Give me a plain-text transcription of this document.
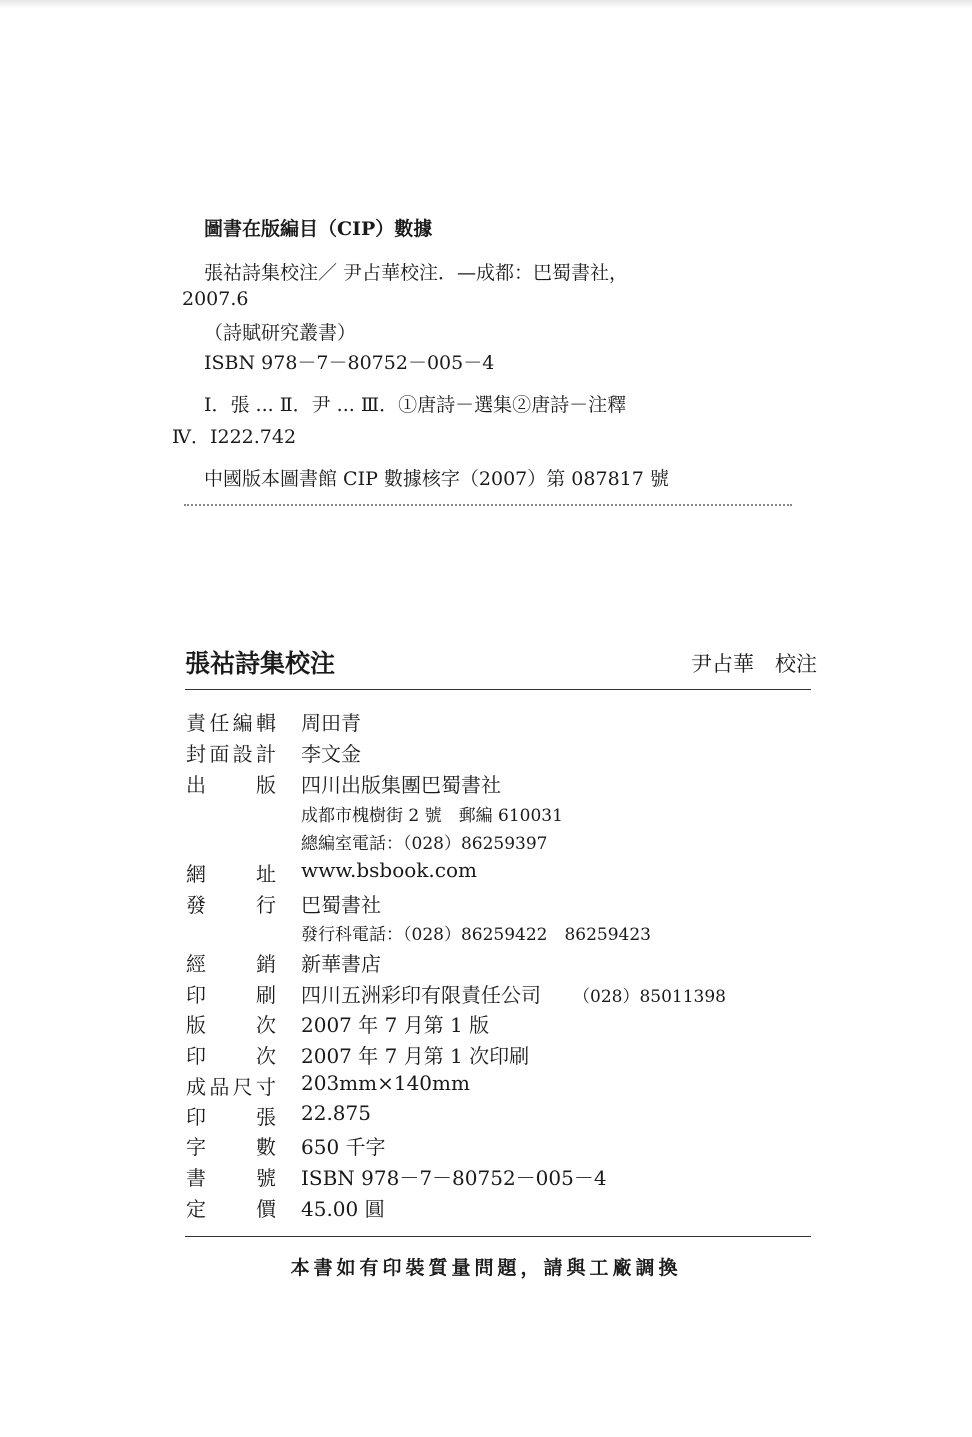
圖書在版編目（CIP）數據
張祜詩集校注／ 尹占華校注．—成都：巴蜀書社，
2007.6
（詩賦研究叢書）
ISBN 978－7－80752－005－4
Ⅰ．張 ... Ⅱ．尹 ... Ⅲ．①唐詩－選集②唐詩－注釋
Ⅳ．I222.742
中國版本圖書館 CIP 數據核字（2007）第 087817 號
張祜詩集校注	尹占華　校注
責 任 編 輯 周田青
封 面 設 計 李文金
出	版 四川出版集團巴蜀書社
成都市槐樹街 2 號　郵編 610031
總編室電話：（028）86259397
網	址 www.bsbook.com
發	行 巴蜀書社
發行科電話：（028）86259422　86259423
經	銷 新華書店
印	刷 四川五洲彩印有限責任公司 （028）85011398
版	次 2007 年 7 月第 1 版
印	次 2007 年 7 月第 1 次印刷
成 品 尺 寸 203mm×140mm
印	張 22.875
字	數 650 千字
書	號 ISBN 978－7－80752－005－4
定	價 45.00 圓
本書如有印裝質量問題，請與工廠調換
